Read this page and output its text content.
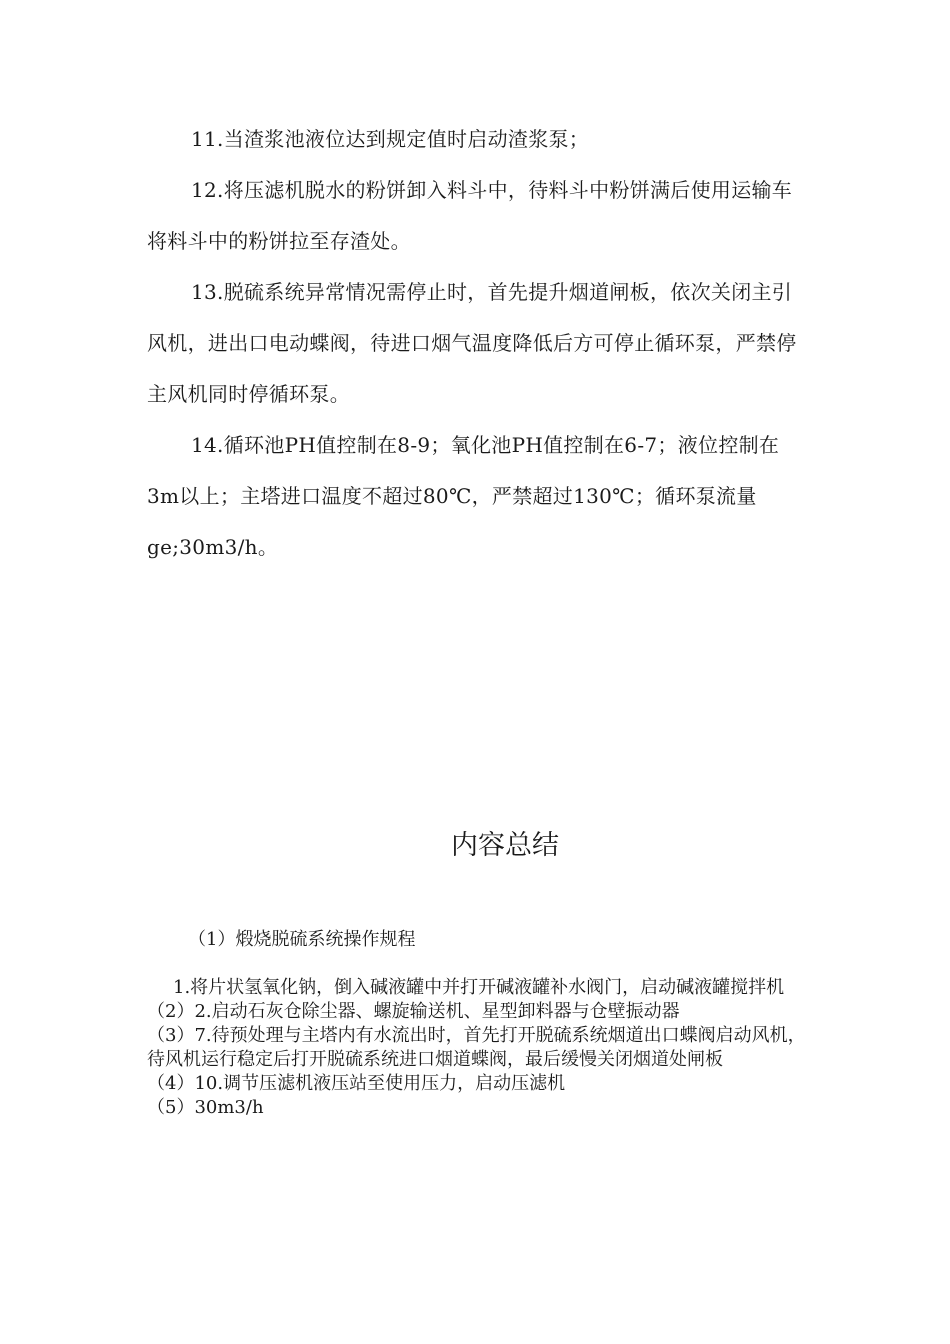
11.当渣浆池液位达到规定值时启动渣浆泵；

12.将压滤机脱水的粉饼卸入料斗中，待料斗中粉饼满后使用运输车将料斗中的粉饼拉至存渣处。

13.脱硫系统异常情况需停止时，首先提升烟道闸板，依次关闭主引风机，进出口电动蝶阀，待进口烟气温度降低后方可停止循环泵，严禁停主风机同时停循环泵。

14.循环池PH值控制在8-9；氧化池PH值控制在6-7；液位控制在3m以上；主塔进口温度不超过80℃，严禁超过130℃；循环泵流量ge;30m3/h。

内容总结
（1）煅烧脱硫系统操作规程

1.将片状氢氧化钠，倒入碱液罐中并打开碱液罐补水阀门，启动碱液罐搅拌机

（2）2.启动石灰仓除尘器、螺旋输送机、星型卸料器与仓壁振动器

（3）7.待预处理与主塔内有水流出时，首先打开脱硫系统烟道出口蝶阀启动风机，待风机运行稳定后打开脱硫系统进口烟道蝶阀，最后缓慢关闭烟道处闸板

（4）10.调节压滤机液压站至使用压力，启动压滤机

（5）30m3/h
